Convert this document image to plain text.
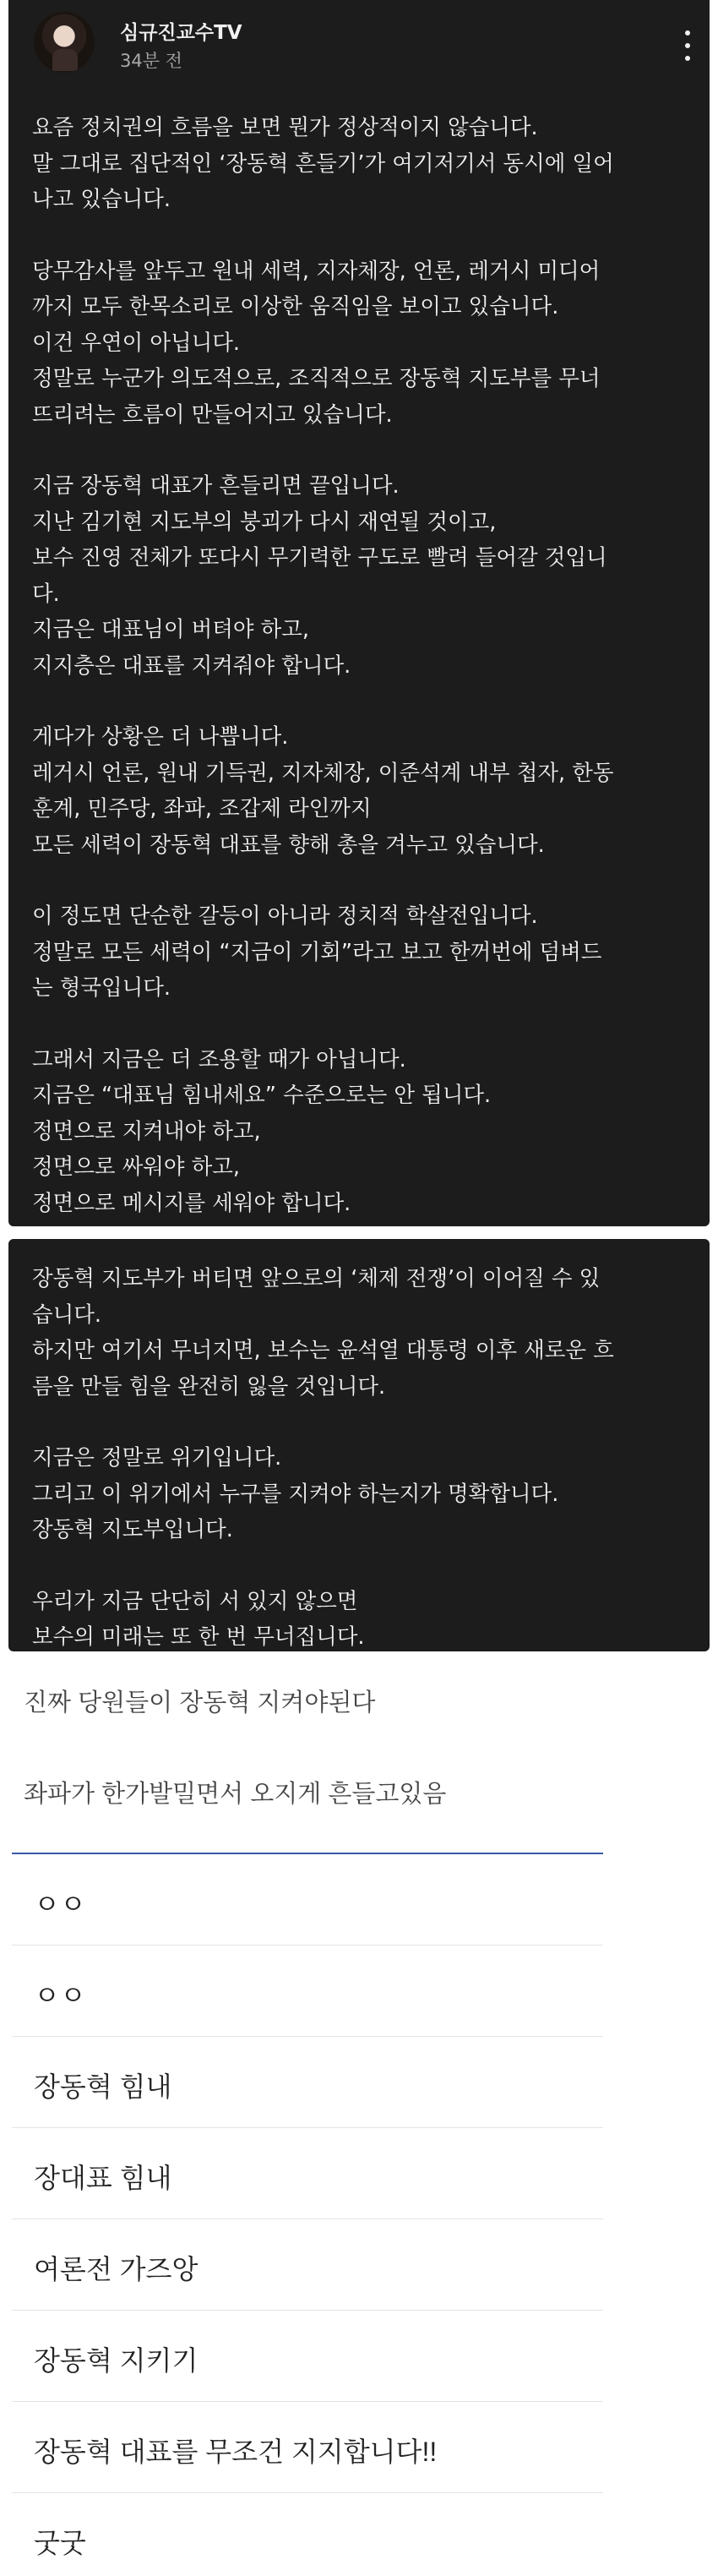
심규진교수TV
34분 전
요즘 정치권의 흐름을 보면 뭔가 정상적이지 않습니다.
말 그대로 집단적인 ‘장동혁 흔들기’가 여기저기서 동시에 일어
나고 있습니다.
당무감사를 앞두고 원내 세력, 지자체장, 언론, 레거시 미디어
까지 모두 한목소리로 이상한 움직임을 보이고 있습니다.
이건 우연이 아닙니다.
정말로 누군가 의도적으로, 조직적으로 장동혁 지도부를 무너
뜨리려는 흐름이 만들어지고 있습니다.
지금 장동혁 대표가 흔들리면 끝입니다.
지난 김기현 지도부의 붕괴가 다시 재연될 것이고,
보수 진영 전체가 또다시 무기력한 구도로 빨려 들어갈 것입니
다.
지금은 대표님이 버텨야 하고,
지지층은 대표를 지켜줘야 합니다.
게다가 상황은 더 나쁩니다.
레거시 언론, 원내 기득권, 지자체장, 이준석계 내부 첩자, 한동
훈계, 민주당, 좌파, 조갑제 라인까지
모든 세력이 장동혁 대표를 향해 총을 겨누고 있습니다.
이 정도면 단순한 갈등이 아니라 정치적 학살전입니다.
정말로 모든 세력이 “지금이 기회”라고 보고 한꺼번에 덤벼드
는 형국입니다.
그래서 지금은 더 조용할 때가 아닙니다.
지금은 “대표님 힘내세요” 수준으로는 안 됩니다.
정면으로 지켜내야 하고,
정면으로 싸워야 하고,
정면으로 메시지를 세워야 합니다.
장동혁 지도부가 버티면 앞으로의 ‘체제 전쟁’이 이어질 수 있
습니다.
하지만 여기서 무너지면, 보수는 윤석열 대통령 이후 새로운 흐
름을 만들 힘을 완전히 잃을 것입니다.
지금은 정말로 위기입니다.
그리고 이 위기에서 누구를 지켜야 하는지가 명확합니다.
장동혁 지도부입니다.
우리가 지금 단단히 서 있지 않으면
보수의 미래는 또 한 번 무너집니다.
진짜 당원들이 장동혁 지켜야된다
좌파가 한가발밀면서 오지게 흔들고있음
ㅇㅇ
ㅇㅇ
장동혁 힘내
장대표 힘내
여론전 가즈앙
장동혁 지키기
장동혁 대표를 무조건 지지합니다!!
굿굿
